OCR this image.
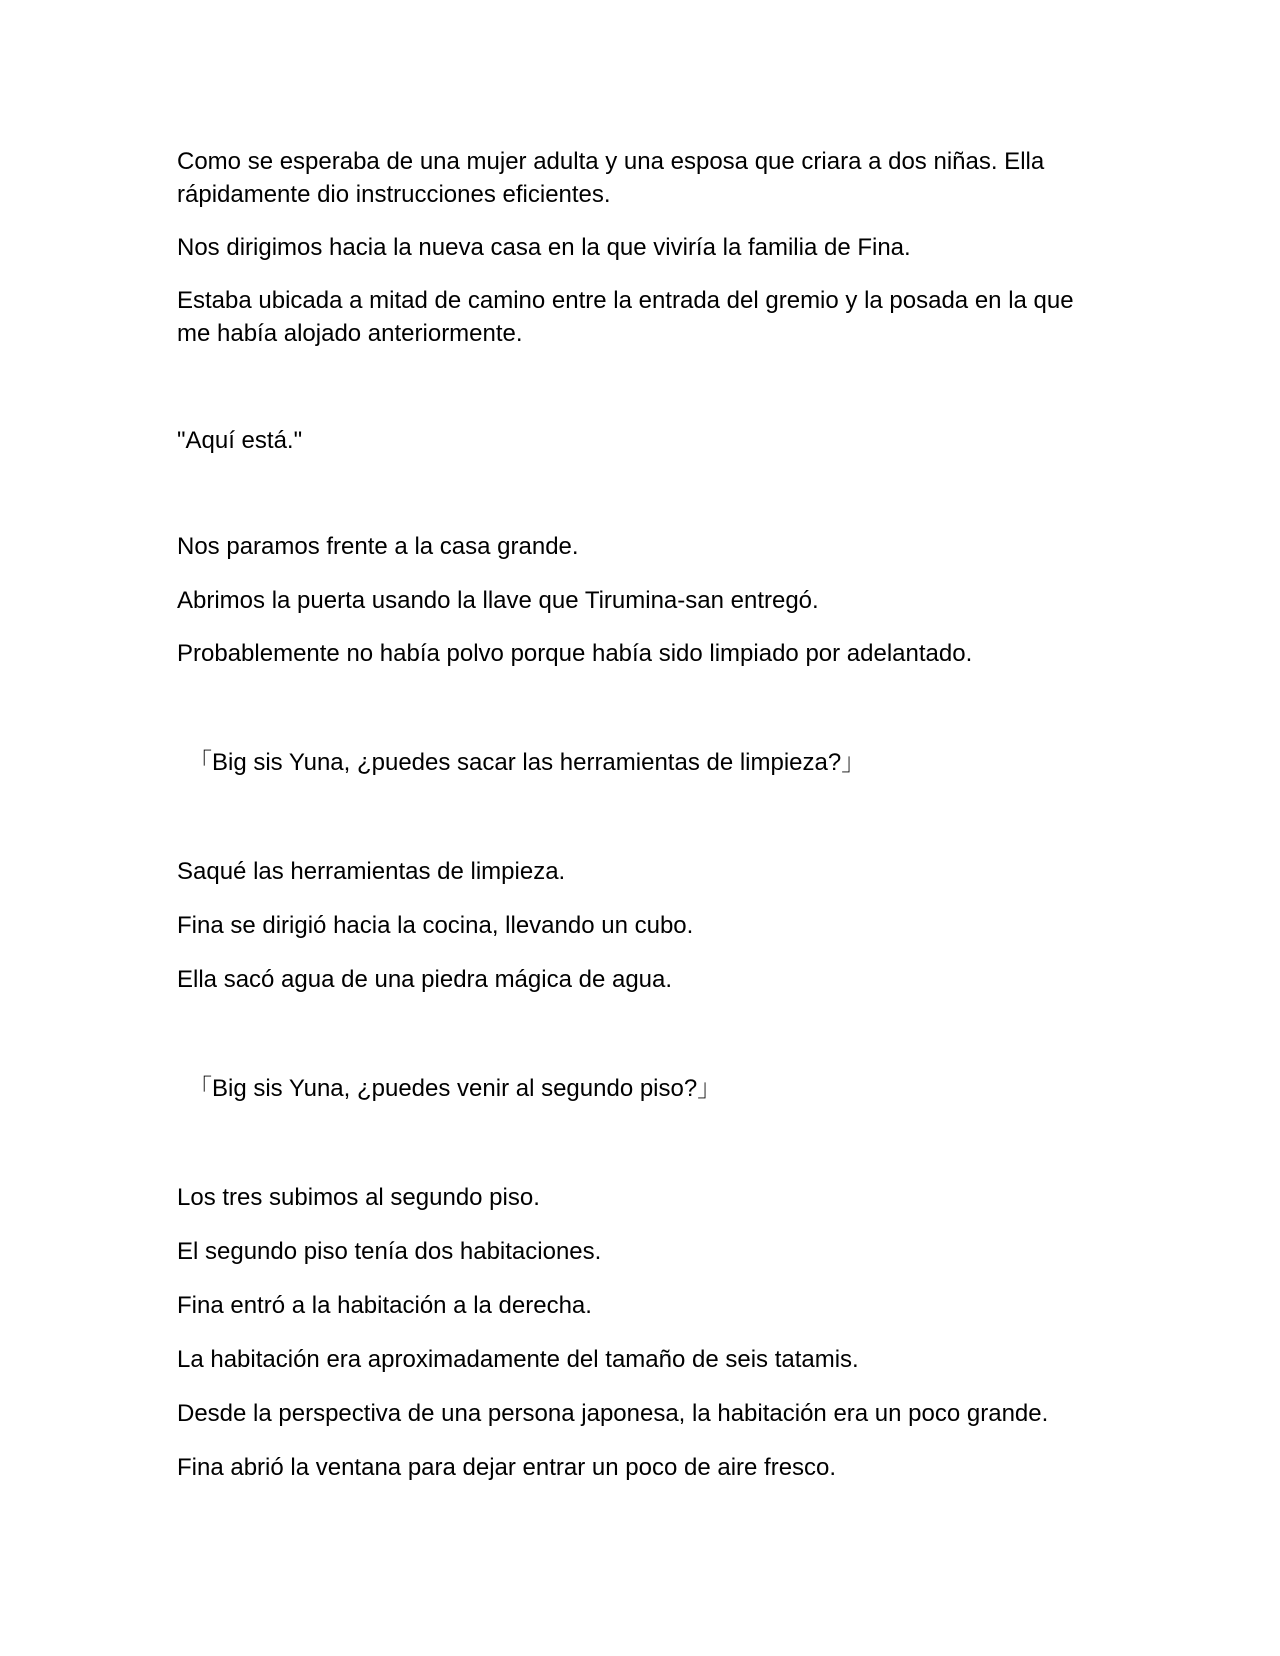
Como se esperaba de una mujer adulta y una esposa que criara a dos niñas. Ella rápidamente dio instrucciones eficientes.

Nos dirigimos hacia la nueva casa en la que viviría la familia de Fina.

Estaba ubicada a mitad de camino entre la entrada del gremio y la posada en la que me había alojado anteriormente.

"Aquí está."

Nos paramos frente a la casa grande.

Abrimos la puerta usando la llave que Tirumina-san entregó.

Probablemente no había polvo porque había sido limpiado por adelantado.

「Big sis Yuna, ¿puedes sacar las herramientas de limpieza?」

Saqué las herramientas de limpieza.

Fina se dirigió hacia la cocina, llevando un cubo.

Ella sacó agua de una piedra mágica de agua.

「Big sis Yuna, ¿puedes venir al segundo piso?」

Los tres subimos al segundo piso.

El segundo piso tenía dos habitaciones.

Fina entró a la habitación a la derecha.

La habitación era aproximadamente del tamaño de seis tatamis.

Desde la perspectiva de una persona japonesa, la habitación era un poco grande.

Fina abrió la ventana para dejar entrar un poco de aire fresco.
